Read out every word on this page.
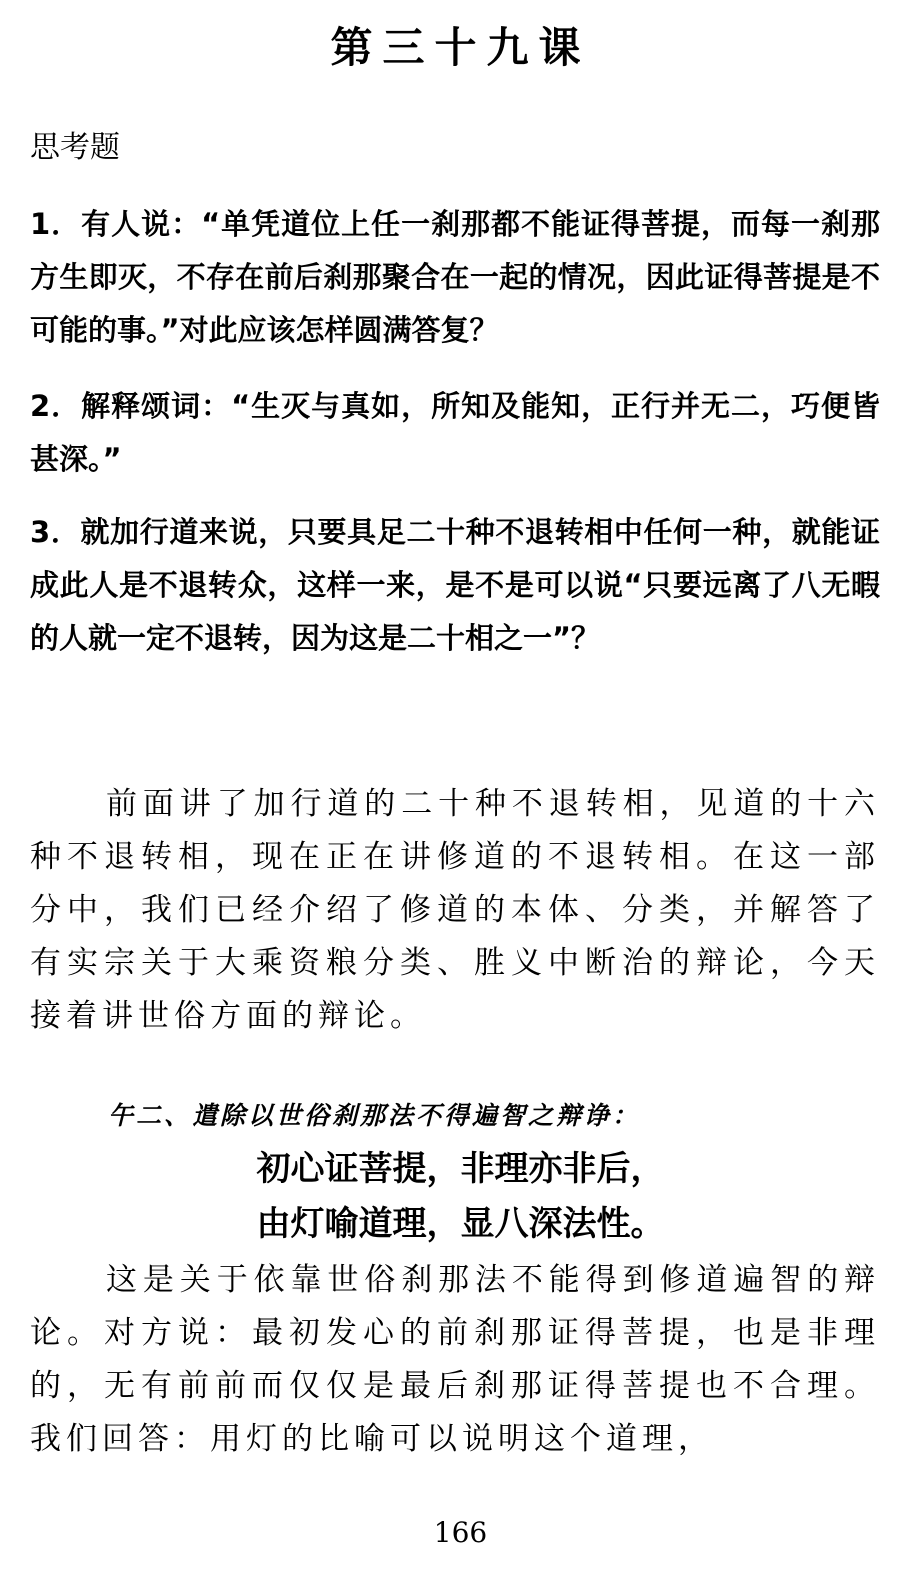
第三十九课
思考题
1．有人说：“单凭道位上任一刹那都不能证得菩提，而每一刹那方生即灭，不存在前后刹那聚合在一起的情况，因此证得菩提是不可能的事。”对此应该怎样圆满答复？
2．解释颂词：“生灭与真如，所知及能知，正行并无二，巧便皆甚深。”
3．就加行道来说，只要具足二十种不退转相中任何一种，就能证成此人是不退转众，这样一来，是不是可以说“只要远离了八无暇的人就一定不退转，因为这是二十相之一”？
前面讲了加行道的二十种不退转相，见道的十六种不退转相，现在正在讲修道的不退转相。在这一部分中，我们已经介绍了修道的本体、分类，并解答了有实宗关于大乘资粮分类、胜义中断治的辩论，今天接着讲世俗方面的辩论。
午二、遣除以世俗刹那法不得遍智之辩诤：
初心证菩提，非理亦非后，
由灯喻道理，显八深法性。
这是关于依靠世俗刹那法不能得到修道遍智的辩论。对方说：最初发心的前刹那证得菩提，也是非理的，无有前前而仅仅是最后刹那证得菩提也不合理。我们回答：用灯的比喻可以说明这个道理，
166
